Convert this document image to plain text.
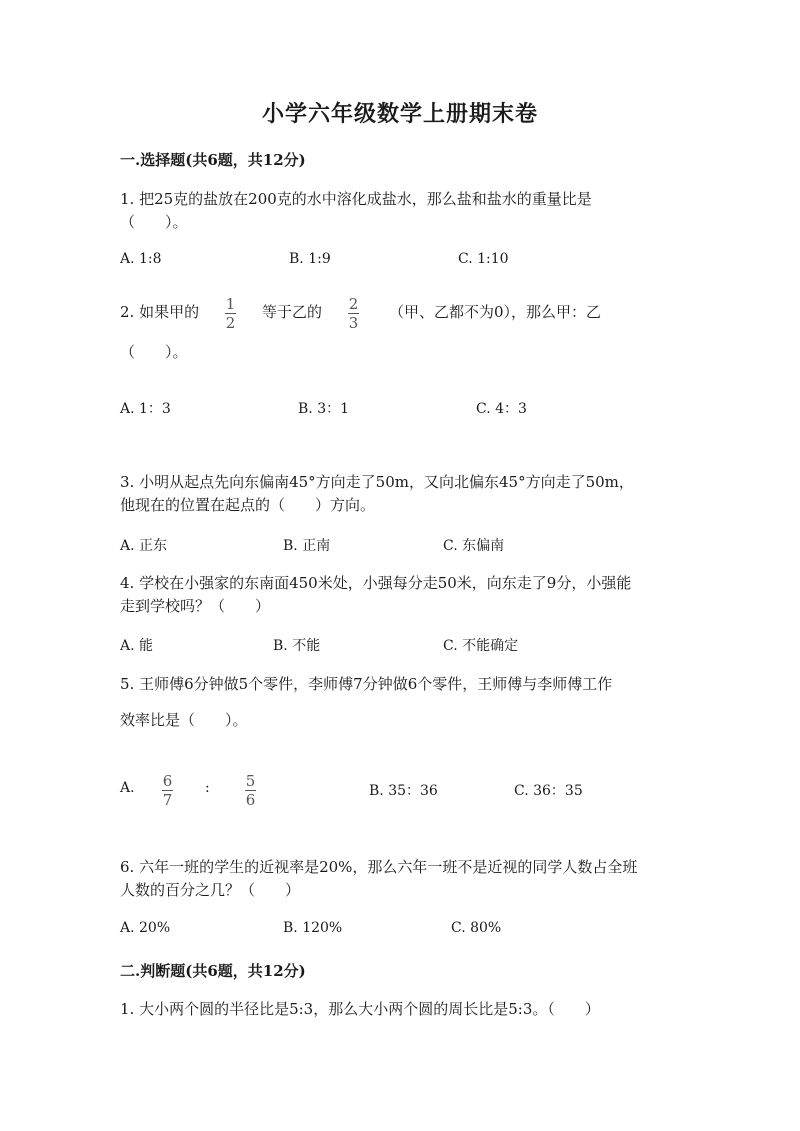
小学六年级数学上册期末卷
一.选择题(共6题，共12分)
1. 把25克的盐放在200克的水中溶化成盐水，那么盐和盐水的重量比是
（　　）。
A. 1:8	B. 1:9	C. 1:10
2. 如果甲的 1
2
等于乙的 2
3
（甲、乙都不为0），那么甲：乙
（　　）。
A. 1：3	B. 3：1	C. 4：3
3. 小明从起点先向东偏南45°方向走了50m，又向北偏东45°方向走了50m，
他现在的位置在起点的（　　）方向。
A. 正东	B. 正南	C. 东偏南
4. 学校在小强家的东南面450米处，小强每分走50米，向东走了9分，小强能
走到学校吗？（　　）
A. 能	B. 不能	C. 不能确定
5. 王师傅6分钟做5个零件，李师傅7分钟做6个零件，王师傅与李师傅工作
效率比是（　　）。
A. 6
7
: 5
6	B. 35：36	C. 36：35
6. 六年一班的学生的近视率是20%，那么六年一班不是近视的同学人数占全班
人数的百分之几？（　　）
A. 20%	B. 120%	C. 80%
二.判断题(共6题，共12分)
1. 大小两个圆的半径比是5:3，那么大小两个圆的周长比是5:3。（　　）
